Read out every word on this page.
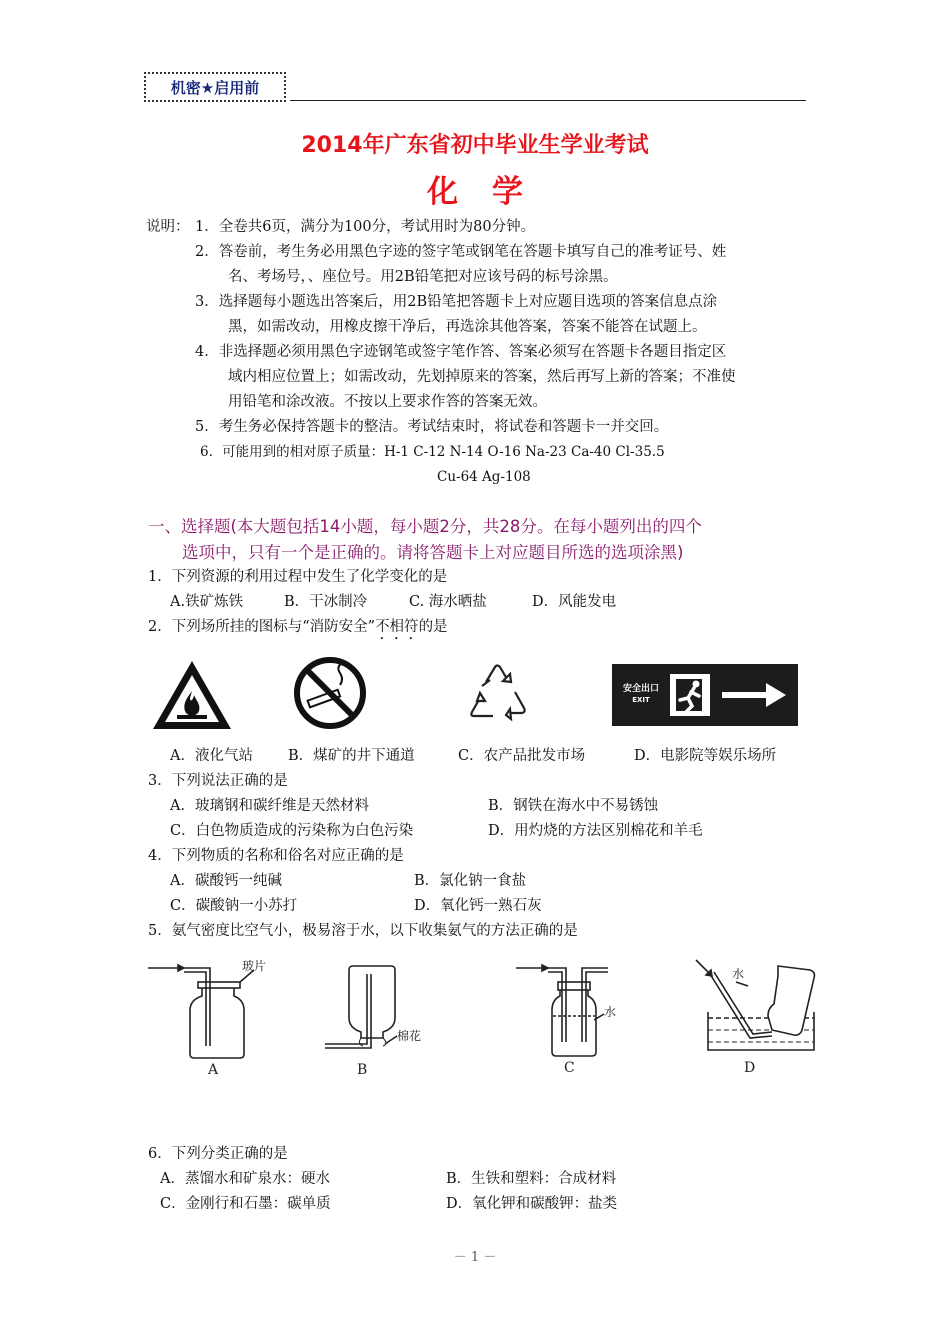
机密★启用前
2014年广东省初中毕业生学业考试
化学
说明： 1．全卷共6页，满分为100分，考试用时为80分钟。
2．答卷前，考生务必用黑色字迹的签字笔或钢笔在答题卡填写自己的准考证号、姓
名、考场号，、座位号。用2B铅笔把对应该号码的标号涂黑。
3．选择题每小题选出答案后，用2B铅笔把答题卡上对应题目选项的答案信息点涂
黑，如需改动，用橡皮擦干净后，再选涂其他答案，答案不能答在试题上。
4．非选择题必须用黑色字迹钢笔或签字笔作答、答案必须写在答题卡各题目指定区
域内相应位置上；如需改动，先划掉原来的答案，然后再写上新的答案；不准使
用铅笔和涂改液。不按以上要求作答的答案无效。
5．考生务必保持答题卡的整洁。考试结束时，将试卷和答题卡一并交回。
6．可能用到的相对原子质量：H-1 C-12 N-14 O-16 Na-23 Ca-40 Cl-35.5
Cu-64 Ag-108
一、选择题(本大题包括14小题，每小题2分，共28分。在每小题列出的四个
选项中，只有一个是正确的。请将答题卡上对应题目所选的选项涂黑)
1．下列资源的利用过程中发生了化学变化的是
A.铁矿炼铁	B．干冰制冷	C. 海水晒盐	D．风能发电
2．下列场所挂的图标与“消防安全”不相符的是
安全出口
EXIT
A．液化气站 B．煤矿的井下通道	C．农产品批发市场	D．电影院等娱乐场所
3．下列说法正确的是
A．玻璃钢和碳纤维是天然材料	B．钢铁在海水中不易锈蚀
C．白色物质造成的污染称为白色污染	D．用灼烧的方法区别棉花和羊毛
4．下列物质的名称和俗名对应正确的是
A．碳酸钙一纯碱	B．氯化钠一食盐
C．碳酸钠一小苏打	D．氧化钙一熟石灰
5．氨气密度比空气小，极易溶于水，以下收集氨气的方法正确的是
玻片
A
棉花
B
水
C
水
D
6．下列分类正确的是
A．蒸馏水和矿泉水：硬水	B．生铁和塑料：合成材料
C．金刚行和石墨：碳单质	D．氧化钾和碳酸钾：盐类
－ 1 －
